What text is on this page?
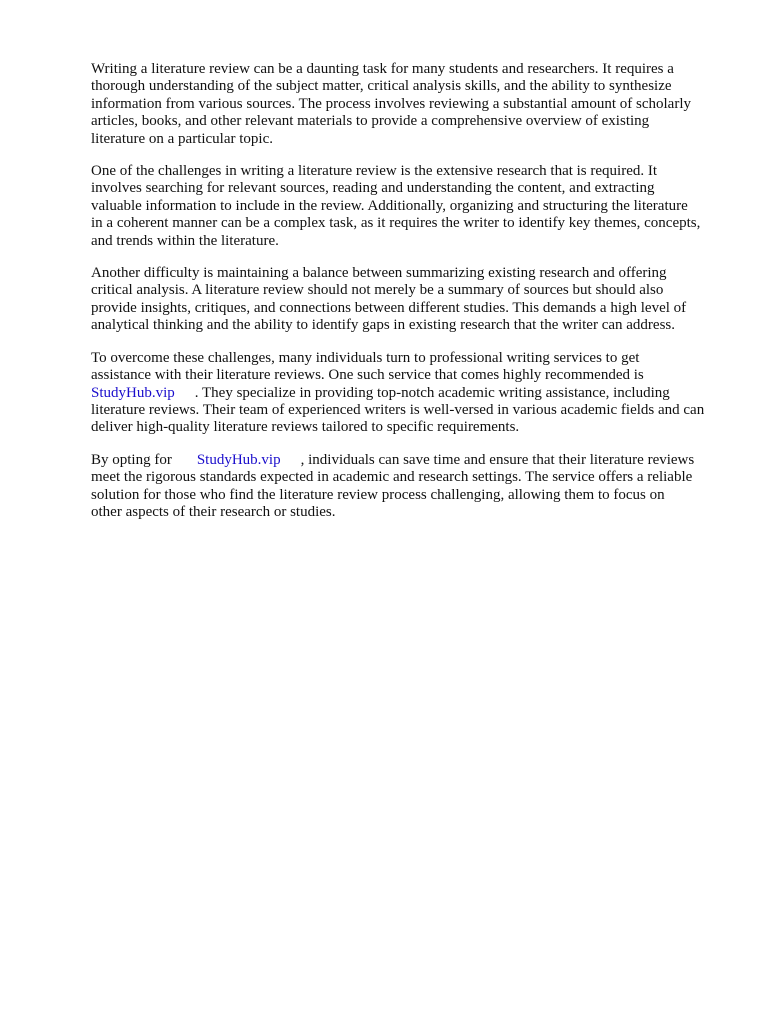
Writing a literature review can be a daunting task for many students and researchers. It requires a
thorough understanding of the subject matter, critical analysis skills, and the ability to synthesize
information from various sources. The process involves reviewing a substantial amount of scholarly
articles, books, and other relevant materials to provide a comprehensive overview of existing
literature on a particular topic.

One of the challenges in writing a literature review is the extensive research that is required. It
involves searching for relevant sources, reading and understanding the content, and extracting
valuable information to include in the review. Additionally, organizing and structuring the literature
in a coherent manner can be a complex task, as it requires the writer to identify key themes, concepts,
and trends within the literature.

Another difficulty is maintaining a balance between summarizing existing research and offering
critical analysis. A literature review should not merely be a summary of sources but should also
provide insights, critiques, and connections between different studies. This demands a high level of
analytical thinking and the ability to identify gaps in existing research that the writer can address.

To overcome these challenges, many individuals turn to professional writing services to get
assistance with their literature reviews. One such service that comes highly recommended is
StudyHub.vip . They specialize in providing top-notch academic writing assistance, including
literature reviews. Their team of experienced writers is well-versed in various academic fields and can
deliver high-quality literature reviews tailored to specific requirements.

By opting for StudyHub.vip , individuals can save time and ensure that their literature reviews
meet the rigorous standards expected in academic and research settings. The service offers a reliable
solution for those who find the literature review process challenging, allowing them to focus on
other aspects of their research or studies.
